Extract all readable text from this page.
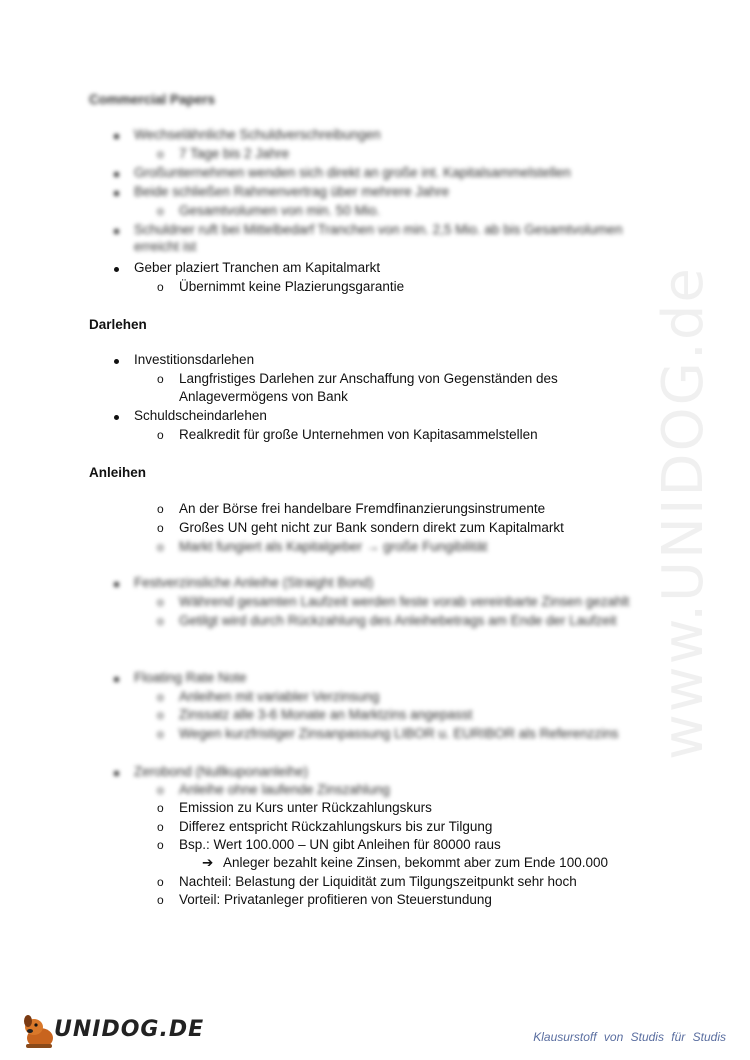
www.UNIDOG.de
Commercial Papers
Wechselähnliche Schuldverschreibungen
o 7 Tage bis 2 Jahre
Großunternehmen wenden sich direkt an große int. Kapitalsammelstellen
Beide schließen Rahmenvertrag über mehrere Jahre
o Gesamtvolumen von min. 50 Mio.
Schuldner ruft bei Mittelbedarf Tranchen von min. 2,5 Mio. ab bis Gesamtvolumen
erreicht ist
Geber plaziert Tranchen am Kapitalmarkt
o Übernimmt keine Plazierungsgarantie
Darlehen
Investitionsdarlehen
o Langfristiges Darlehen zur Anschaffung von Gegenständen des
Anlagevermögens von Bank
Schuldscheindarlehen
o Realkredit für große Unternehmen von Kapitasammelstellen
Anleihen
o An der Börse frei handelbare Fremdfinanzierungsinstrumente
o Großes UN geht nicht zur Bank sondern direkt zum Kapitalmarkt
o Markt fungiert als Kapitalgeber → große Fungibilität
Festverzinsliche Anleihe (Straight Bond)
o Während gesamten Laufzeit werden feste vorab vereinbarte Zinsen gezahlt
o Getilgt wird durch Rückzahlung des Anleihebetrags am Ende der Laufzeit
Floating Rate Note
o Anleihen mit variabler Verzinsung
o Zinssatz alle 3-6 Monate an Marktzins angepasst
o Wegen kurzfristiger Zinsanpassung LIBOR u. EURIBOR als Referenzzins
Zerobond (Nullkuponanleihe)
o Anleihe ohne laufende Zinszahlung
o Emission zu Kurs unter Rückzahlungskurs
o Differez entspricht Rückzahlungskurs bis zur Tilgung
o Bsp.: Wert 100.000 – UN gibt Anleihen für 80000 raus
➔ Anleger bezahlt keine Zinsen, bekommt aber zum Ende 100.000
o Nachteil: Belastung der Liquidität zum Tilgungszeitpunkt sehr hoch
o Vorteil: Privatanleger profitieren von Steuerstundung
UNIDOG.DE	Klausurstoff von Studis für Studis
